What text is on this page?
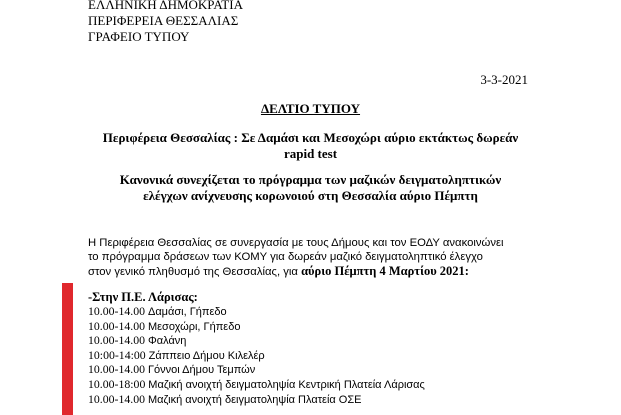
ΕΛΛΗΝΙΚΗ ΔΗΜΟΚΡΑΤΙΑ
ΠΕΡΙΦΕΡΕΙΑ ΘΕΣΣΑΛΙΑΣ
ΓΡΑΦΕΙΟ ΤΥΠΟΥ
3-3-2021
ΔΕΛΤΙΟ ΤΥΠΟΥ
Περιφέρεια Θεσσαλίας : Σε Δαμάσι και Μεσοχώρι αύριο εκτάκτως δωρεάν
rapid test
Κανονικά συνεχίζεται το πρόγραμμα των μαζικών δειγματοληπτικών
ελέγχων ανίχνευσης κορωνοιού στη Θεσσαλία αύριο Πέμπτη
Η Περιφέρεια Θεσσαλίας σε συνεργασία με τους Δήμους και τον ΕΟΔΥ ανακοινώνει
το πρόγραμμα δράσεων των ΚΟΜΥ για δωρεάν μαζικό δειγματοληπτικό έλεγχο
στον γενικό πληθυσμό της Θεσσαλίας, για αύριο Πέμπτη 4 Μαρτίου 2021:
-Στην Π.Ε. Λάρισας:
10.00-14.00 Δαμάσι, Γήπεδο
10.00-14.00 Μεσοχώρι, Γήπεδο
10.00-14.00 Φαλάνη
10:00-14:00 Ζάππειο Δήμου Κιλελέρ
10.00-14.00 Γόννοι Δήμου Τεμπών
10.00-18:00 Μαζική ανοιχτή δειγματοληψία Κεντρική Πλατεία Λάρισας
10.00-14.00 Μαζική ανοιχτή δειγματοληψία Πλατεία ΟΣΕ
